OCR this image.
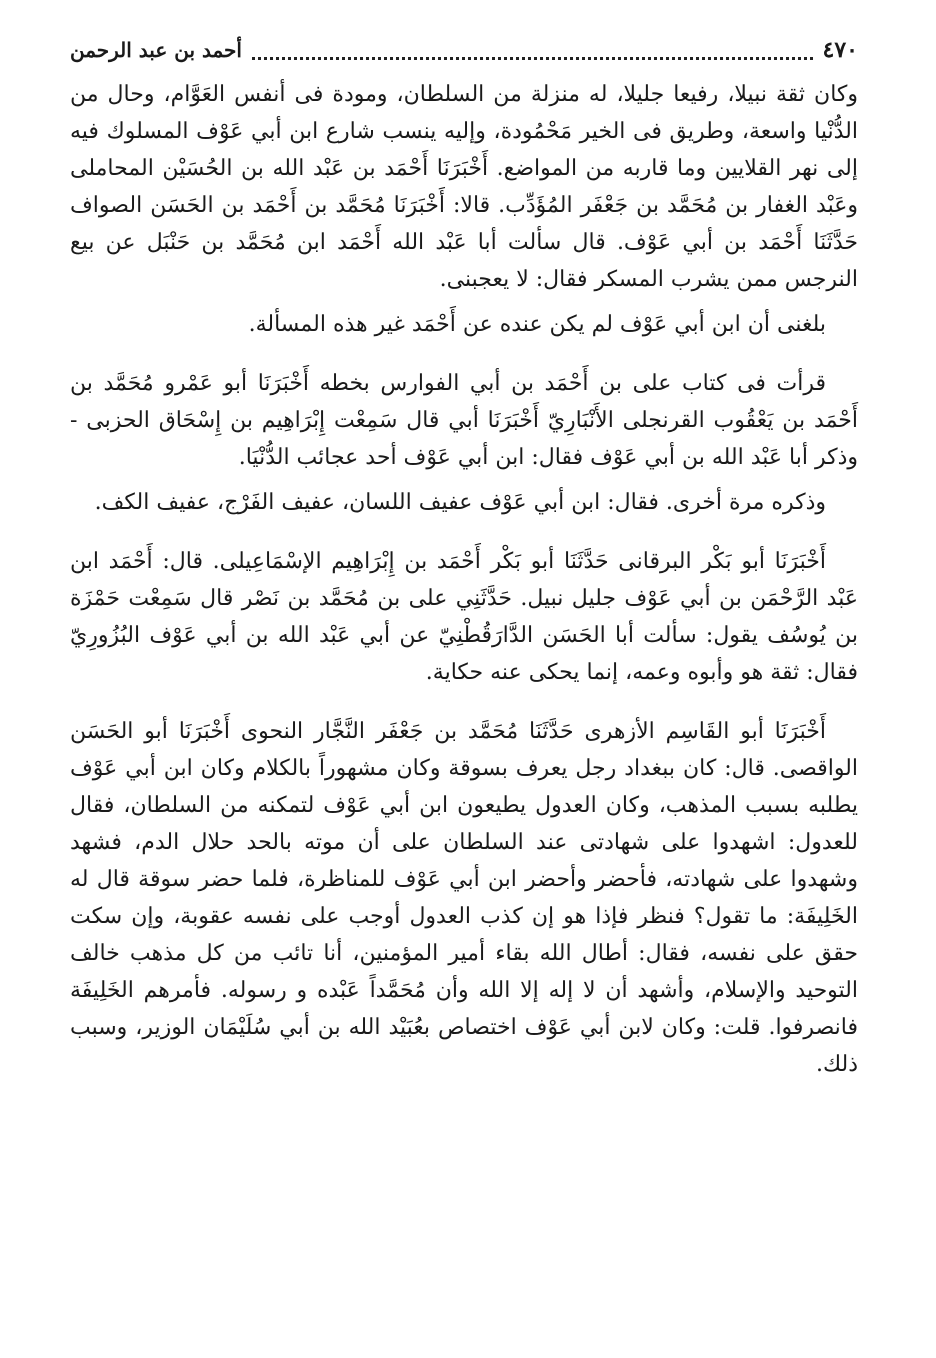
٤٧٠
أحمد بن عبد الرحمن

وكان ثقة نبيلا، رفيعا جليلا، له منزلة من السلطان، ومودة فى أنفس العَوَّام، وحال من الدُّنْيا واسعة، وطريق فى الخير مَحْمُودة، وإليه ينسب شارع ابن أبي عَوْف المسلوك فيه إلى نهر القلايين وما قاربه من المواضع. أَخْبَرَنَا أَحْمَد بن عَبْد الله بن الحُسَيْن المحاملى وعَبْد الغفار بن مُحَمَّد بن جَعْفَر المُؤَدِّب. قالا: أَخْبَرَنَا مُحَمَّد بن أَحْمَد بن الحَسَن الصواف حَدَّثَنَا أَحْمَد بن أبي عَوْف. قال سألت أبا عَبْد الله أَحْمَد ابن مُحَمَّد بن حَنْبَل عن بيع النرجس ممن يشرب المسكر فقال: لا يعجبنى.

بلغنى أن ابن أبي عَوْف لم يكن عنده عن أَحْمَد غير هذه المسألة.

قرأت فى كتاب على بن أَحْمَد بن أبي الفوارس بخطه أَخْبَرَنَا أبو عَمْرو مُحَمَّد بن أَحْمَد بن يَعْقُوب القرنجلى الأَنْبَارِيّ أَخْبَرَنَا أبي قال سَمِعْت إِبْرَاهِيم بن إِسْحَاق الحزبى - وذكر أبا عَبْد الله بن أبي عَوْف فقال: ابن أبي عَوْف أحد عجائب الدُّنْيَا.

وذكره مرة أخرى. فقال: ابن أبي عَوْف عفيف اللسان، عفيف الفَرْج، عفيف الكف.

أَخْبَرَنَا أبو بَكْر البرقانى حَدَّثَنَا أبو بَكْر أَحْمَد بن إِبْرَاهِيم الإسْمَاعِيلى. قال: أَحْمَد ابن عَبْد الرَّحْمَن بن أبي عَوْف جليل نبيل. حَدَّثَنِي على بن مُحَمَّد بن نَصْر قال سَمِعْت حَمْزَة بن يُوسُف يقول: سألت أبا الحَسَن الدَّارَقُطْنِيّ عن أبي عَبْد الله بن أبي عَوْف البُزُورِيّ فقال: ثقة هو وأبوه وعمه، إنما يحكى عنه حكاية.

أَخْبَرَنَا أبو القَاسِم الأزهرى حَدَّثَنَا مُحَمَّد بن جَعْفَر النَّجَّار النحوى أَخْبَرَنَا أبو الحَسَن الواقصى. قال: كان ببغداد رجل يعرف بسوقة وكان مشهوراً بالكلام وكان ابن أبي عَوْف يطلبه بسبب المذهب، وكان العدول يطيعون ابن أبي عَوْف لتمكنه من السلطان، فقال للعدول: اشهدوا على شهادتى عند السلطان على أن موته بالحد حلال الدم، فشهد وشهدوا على شهادته، فأحضر وأحضر ابن أبي عَوْف للمناظرة، فلما حضر سوقة قال له الخَلِيفَة: ما تقول؟ فنظر فإذا هو إن كذب العدول أوجب على نفسه عقوبة، وإن سكت حقق على نفسه، فقال: أطال الله بقاء أمير المؤمنين، أنا تائب من كل مذهب خالف التوحيد والإسلام، وأشهد أن لا إله إلا الله وأن مُحَمَّداً عَبْده و رسوله. فأمرهم الخَلِيفَة فانصرفوا. قلت: وكان لابن أبي عَوْف اختصاص بعُبَيْد الله بن أبي سُلَيْمَان الوزير، وسبب ذلك.
